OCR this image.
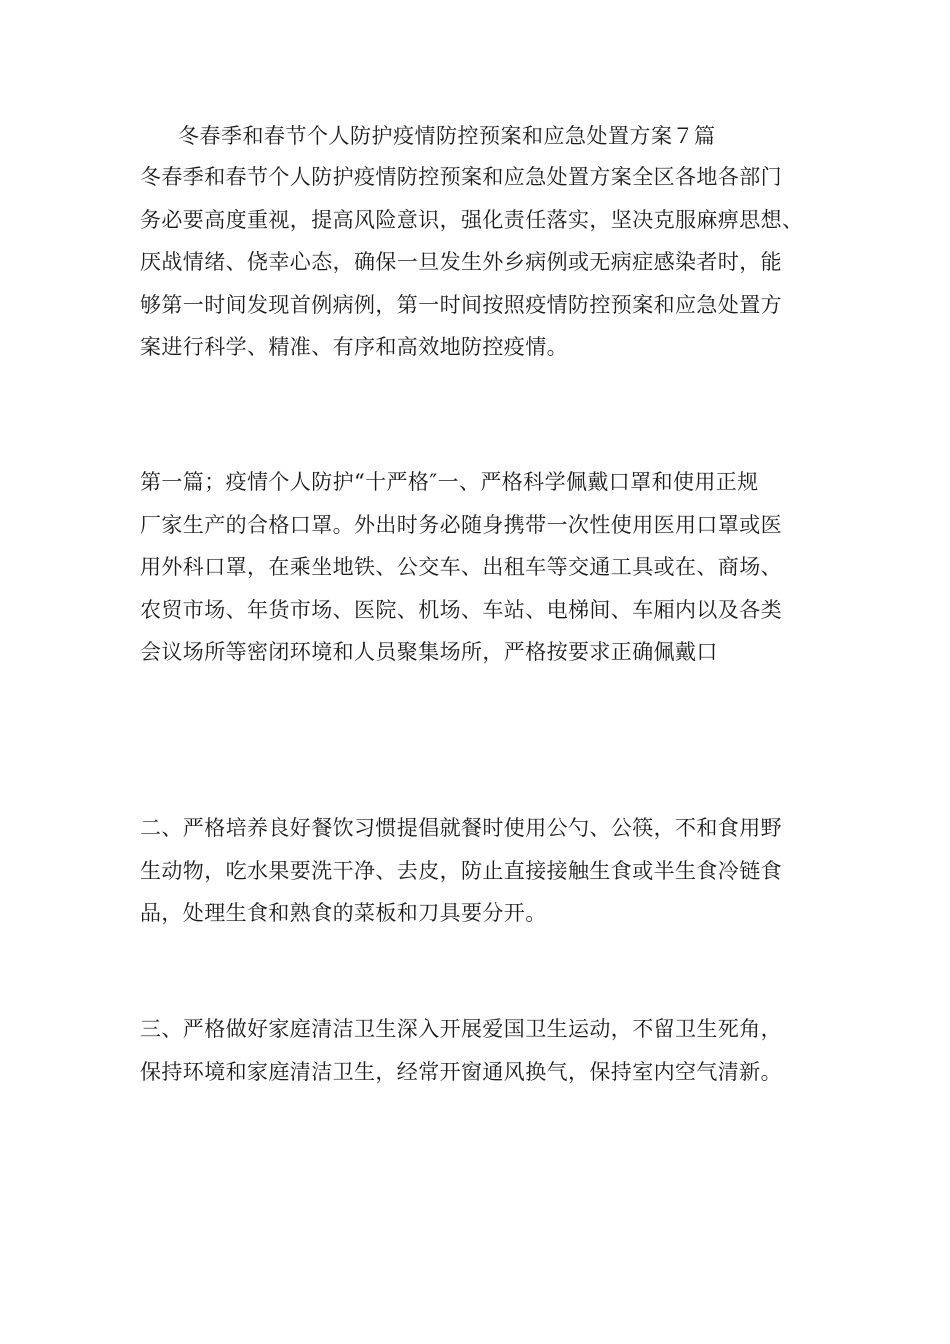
冬春季和春节个人防护疫情防控预案和应急处置方案７篇
冬春季和春节个人防护疫情防控预案和应急处置方案全区各地各部门
务必要高度重视，提高风险意识，强化责任落实，坚决克服麻痹思想、
厌战情绪、侥幸心态，确保一旦发生外乡病例或无病症感染者时，能
够第一时间发现首例病例，第一时间按照疫情防控预案和应急处置方
案进行科学、精准、有序和高效地防控疫情。
第一篇；疫情个人防护“十严格″一、严格科学佩戴口罩和使用正规
厂家生产的合格口罩。外出时务必随身携带一次性使用医用口罩或医
用外科口罩，在乘坐地铁、公交车、出租车等交通工具或在、商场、
农贸市场、年货市场、医院、机场、车站、电梯间、车厢内以及各类
会议场所等密闭环境和人员聚集场所，严格按要求正确佩戴口
二、严格培养良好餐饮习惯提倡就餐时使用公勺、公筷，不和食用野
生动物，吃水果要洗干净、去皮，防止直接接触生食或半生食冷链食
品，处理生食和熟食的菜板和刀具要分开。
三、严格做好家庭清洁卫生深入开展爱国卫生运动，不留卫生死角，
保持环境和家庭清洁卫生，经常开窗通风换气，保持室内空气清新。
